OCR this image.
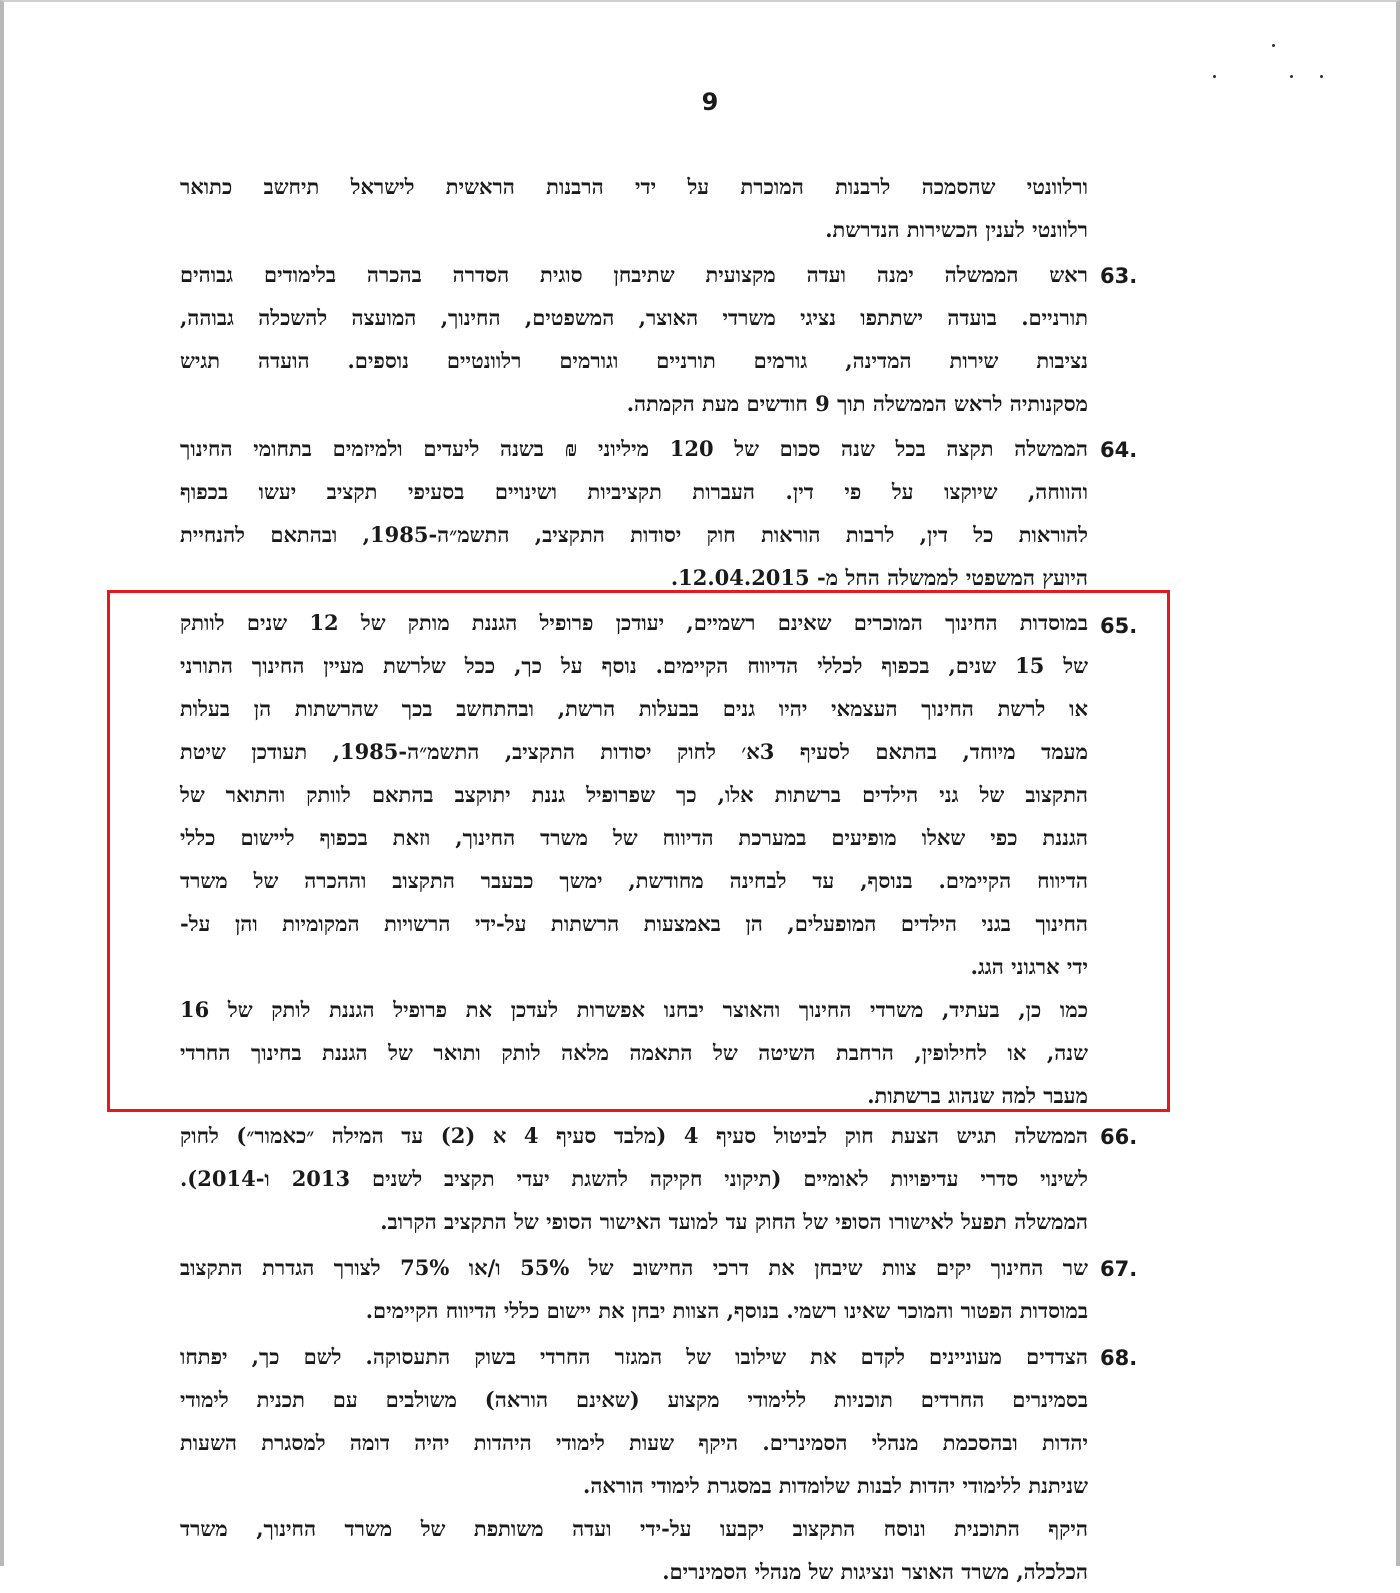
9
ורלוונטי שהסמכה לרבנות המוכרת על ידי הרבנות הראשית לישראל תיחשב כתואר
רלוונטי לענין הכשירות הנדרשת.
63.
ראש הממשלה ימנה ועדה מקצועית שתיבחן סוגית הסדרה בהכרה בלימודים גבוהים
תורניים. בועדה ישתתפו נציגי משרדי האוצר, המשפטים, החינוך, המועצה להשכלה גבוהה,
נציבות שירות המדינה, גורמים תורניים וגורמים רלוונטיים נוספים. הועדה תגיש
מסקנותיה לראש הממשלה תוך 9 חודשים מעת הקמתה.
64.
הממשלה תקצה בכל שנה סכום של 120 מיליוני ₪ בשנה ליעדים ולמיזמים בתחומי החינוך
והווחה, שיוקצו על פי דין. העברות תקציביות ושינויים בסעיפי תקציב יעשו בכפוף
להוראות כל דין, לרבות הוראות חוק יסודות התקציב, התשמ״ה-1985, ובהתאם להנחיית
היועץ המשפטי לממשלה החל מ- 12.04.2015.
65.
במוסדות החינוך המוכרים שאינם רשמיים, יעודכן פרופיל הגננת מותק של 12 שנים לוותק
של 15 שנים, בכפוף לכללי הדיווח הקיימים. נוסף על כך, ככל שלרשת מעיין החינוך התורני
או לרשת החינוך העצמאי יהיו גנים בבעלות הרשת, ובהתחשב בכך שהרשתות הן בעלות
מעמד מיוחד, בהתאם לסעיף 3א׳ לחוק יסודות התקציב, התשמ״ה-1985, תעודכן שיטת
התקצוב של גני הילדים ברשתות אלו, כך שפרופיל גננת יתוקצב בהתאם לוותק והתואר של
הגננת כפי שאלו מופיעים במערכת הדיווח של משרד החינוך, וזאת בכפוף ליישום כללי
הדיווח הקיימים. בנוסף, עד לבחינה מחודשת, ימשך כבעבר התקצוב וההכרה של משרד
החינוך בגני הילדים המופעלים, הן באמצעות הרשתות על-ידי הרשויות המקומיות והן על-
ידי ארגוני הגג.
כמו כן, בעתיד, משרדי החינוך והאוצר יבחנו אפשרות לעדכן את פרופיל הגננת לותק של 16
שנה, או לחילופין, הרחבת השיטה של התאמה מלאה לותק ותואר של הגננת בחינוך החרדי
מעבר למה שנהוג ברשתות.
66.
הממשלה תגיש הצעת חוק לביטול סעיף 4 (מלבד סעיף 4 א (2) עד המילה ״כאמור״) לחוק
לשינוי סדרי עדיפויות לאומיים (תיקוני חקיקה להשגת יעדי תקציב לשנים 2013 ו-2014).
הממשלה תפעל לאישורו הסופי של החוק עד למועד האישור הסופי של התקציב הקרוב.
67.
שר החינוך יקים צוות שיבחן את דרכי החישוב של 55% ו/או 75% לצורך הגדרת התקצוב
במוסדות הפטור והמוכר שאינו רשמי. בנוסף, הצוות יבחן את יישום כללי הדיווח הקיימים.
68.
הצדדים מעוניינים לקדם את שילובו של המגזר החרדי בשוק התעסוקה. לשם כך, יפתחו
בסמינרים החרדים תוכניות ללימודי מקצוע (שאינם הוראה) משולבים עם תכנית לימודי
יהדות ובהסכמת מנהלי הסמינרים. היקף שעות לימודי היהדות יהיה דומה למסגרת השעות
שניתנת ללימודי יהדות לבנות שלומדות במסגרת לימודי הוראה.
היקף התוכנית ונוסח התקצוב יקבעו על-ידי ועדה משותפת של משרד החינוך, משרד
הכלכלה, משרד האוצר ונציגות של מנהלי הסמינרים.
